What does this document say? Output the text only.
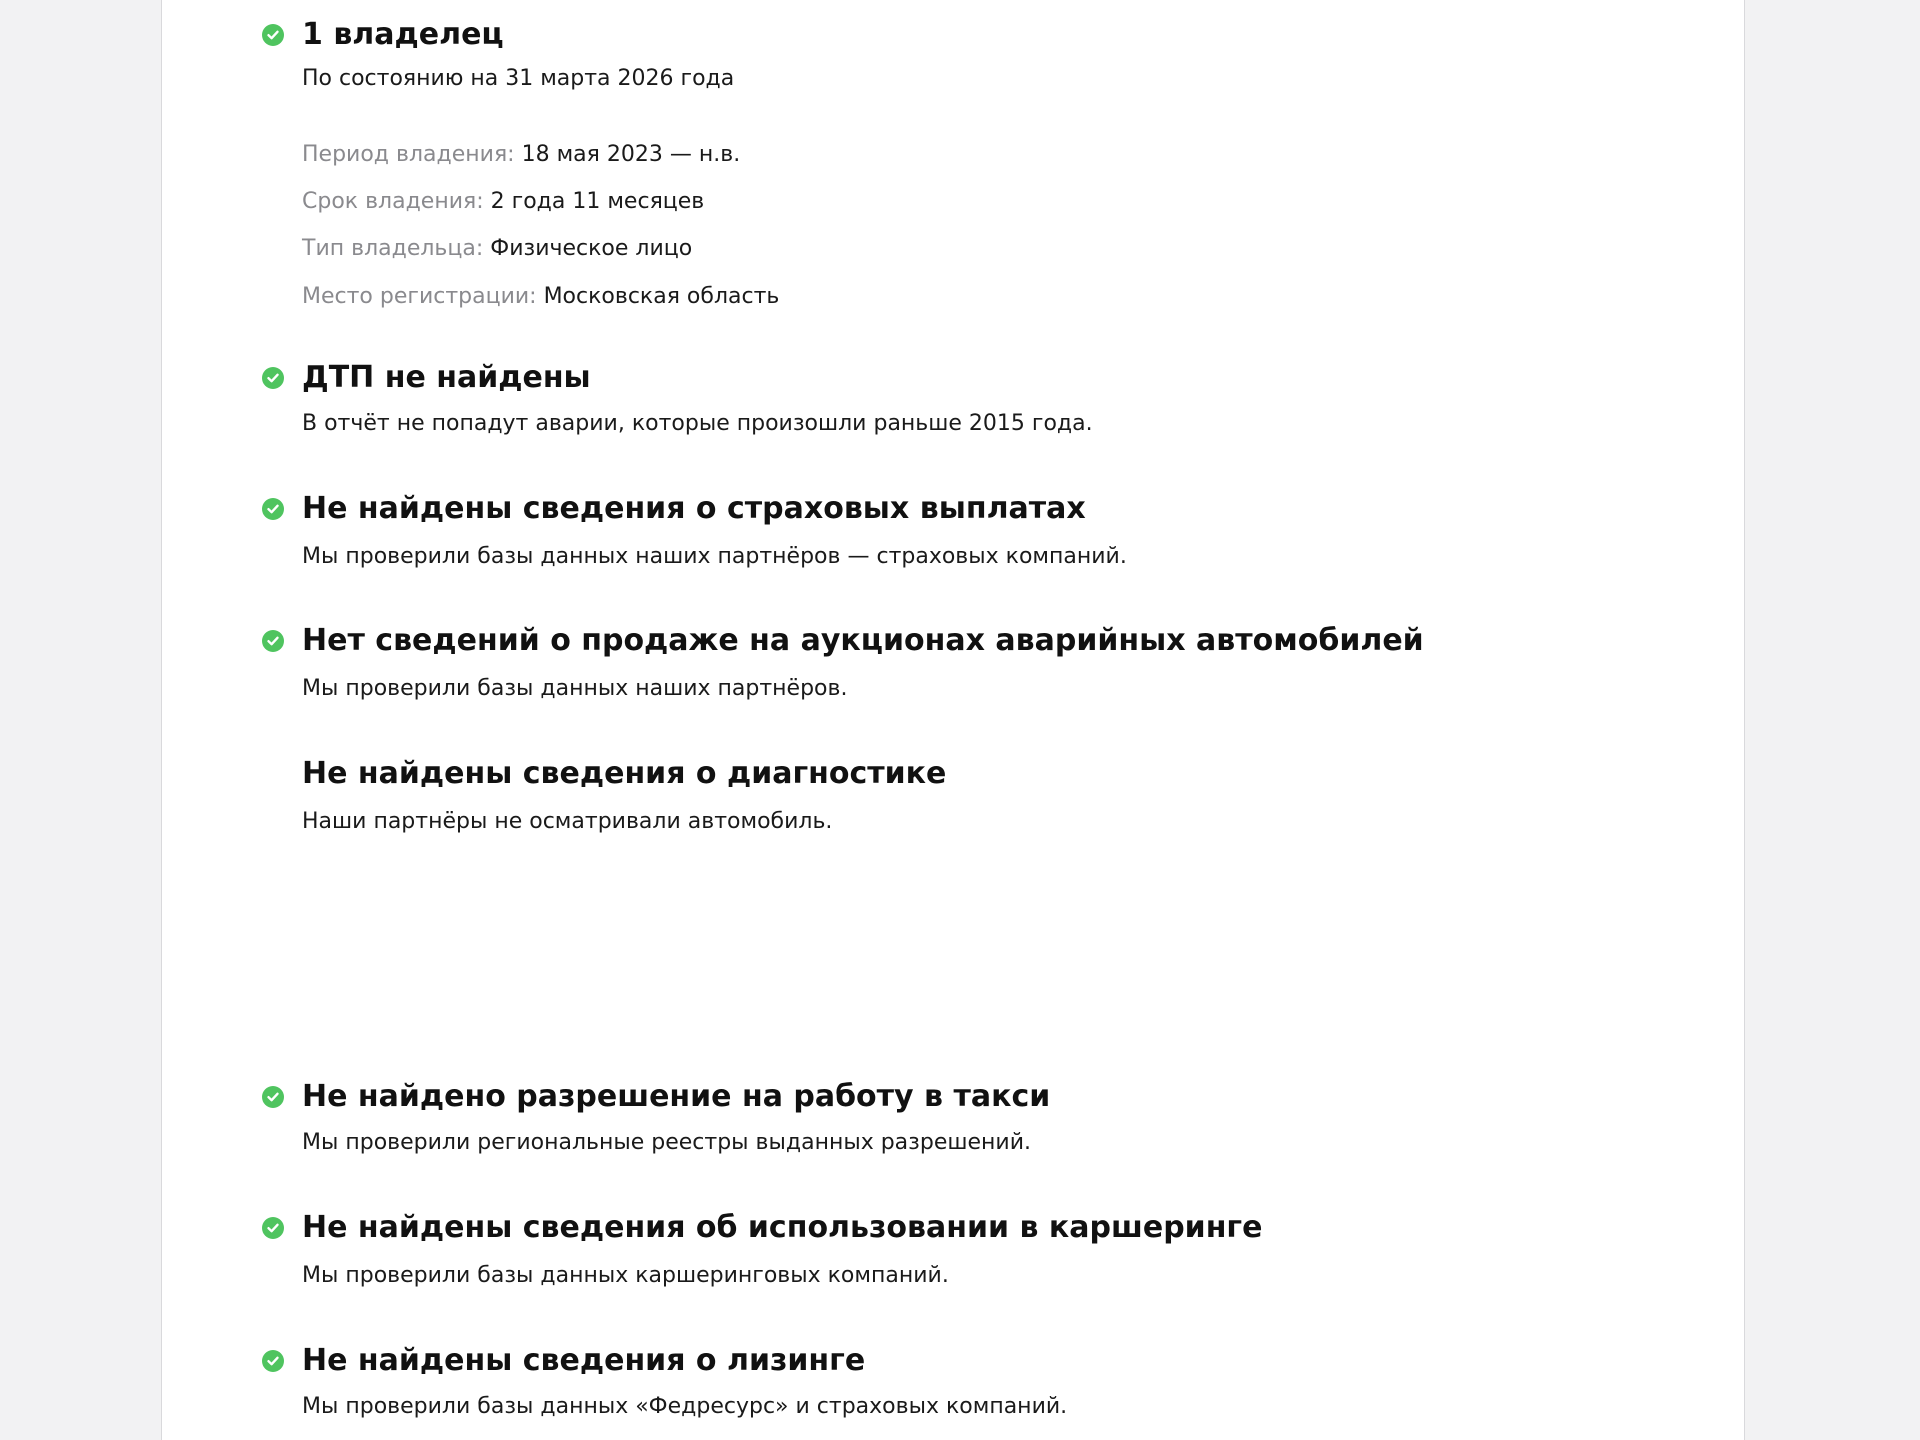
1 владелец

По состоянию на 31 марта 2026 года

Период владения: 18 мая 2023 — н.в.

Срок владения: 2 года 11 месяцев

Тип владельца: Физическое лицо

Место регистрации: Московская область

ДТП не найдены

В отчёт не попадут аварии, которые произошли раньше 2015 года.

Не найдены сведения о страховых выплатах

Мы проверили базы данных наших партнёров — страховых компаний.

Нет сведений о продаже на аукционах аварийных автомобилей

Мы проверили базы данных наших партнёров.

Не найдены сведения о диагностике

Наши партнёры не осматривали автомобиль.

Не найдено разрешение на работу в такси

Мы проверили региональные реестры выданных разрешений.

Не найдены сведения об использовании в каршеринге

Мы проверили базы данных каршеринговых компаний.

Не найдены сведения о лизинге

Мы проверили базы данных «Федресурс» и страховых компаний.
